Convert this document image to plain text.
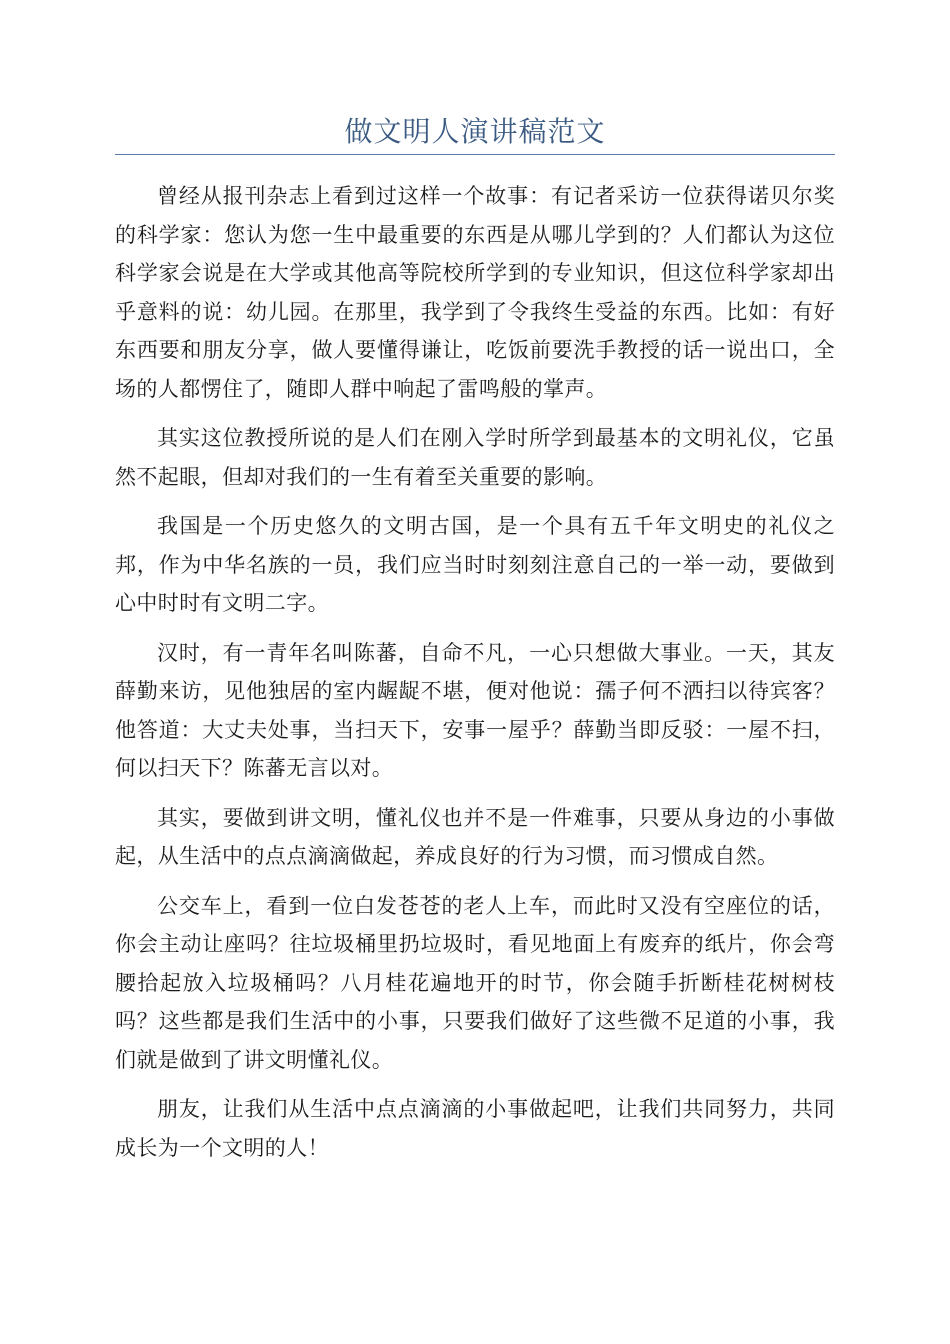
做文明人演讲稿范文

曾经从报刊杂志上看到过这样一个故事：有记者采访一位获得诺贝尔奖的科学家：您认为您一生中最重要的东西是从哪儿学到的？人们都认为这位科学家会说是在大学或其他高等院校所学到的专业知识，但这位科学家却出乎意料的说：幼儿园。在那里，我学到了令我终生受益的东西。比如：有好东西要和朋友分享，做人要懂得谦让，吃饭前要洗手教授的话一说出口，全场的人都愣住了，随即人群中响起了雷鸣般的掌声。

其实这位教授所说的是人们在刚入学时所学到最基本的文明礼仪，它虽然不起眼，但却对我们的一生有着至关重要的影响。

我国是一个历史悠久的文明古国，是一个具有五千年文明史的礼仪之邦，作为中华名族的一员，我们应当时时刻刻注意自己的一举一动，要做到心中时时有文明二字。

汉时，有一青年名叫陈蕃，自命不凡，一心只想做大事业。一天，其友薛勤来访，见他独居的室内龌龊不堪，便对他说：孺子何不洒扫以待宾客？他答道：大丈夫处事，当扫天下，安事一屋乎？薛勤当即反驳：一屋不扫，何以扫天下？陈蕃无言以对。

其实，要做到讲文明，懂礼仪也并不是一件难事，只要从身边的小事做起，从生活中的点点滴滴做起，养成良好的行为习惯，而习惯成自然。

公交车上，看到一位白发苍苍的老人上车，而此时又没有空座位的话，你会主动让座吗？往垃圾桶里扔垃圾时，看见地面上有废弃的纸片，你会弯腰拾起放入垃圾桶吗？八月桂花遍地开的时节，你会随手折断桂花树树枝吗？这些都是我们生活中的小事，只要我们做好了这些微不足道的小事，我们就是做到了讲文明懂礼仪。

朋友，让我们从生活中点点滴滴的小事做起吧，让我们共同努力，共同成长为一个文明的人！
